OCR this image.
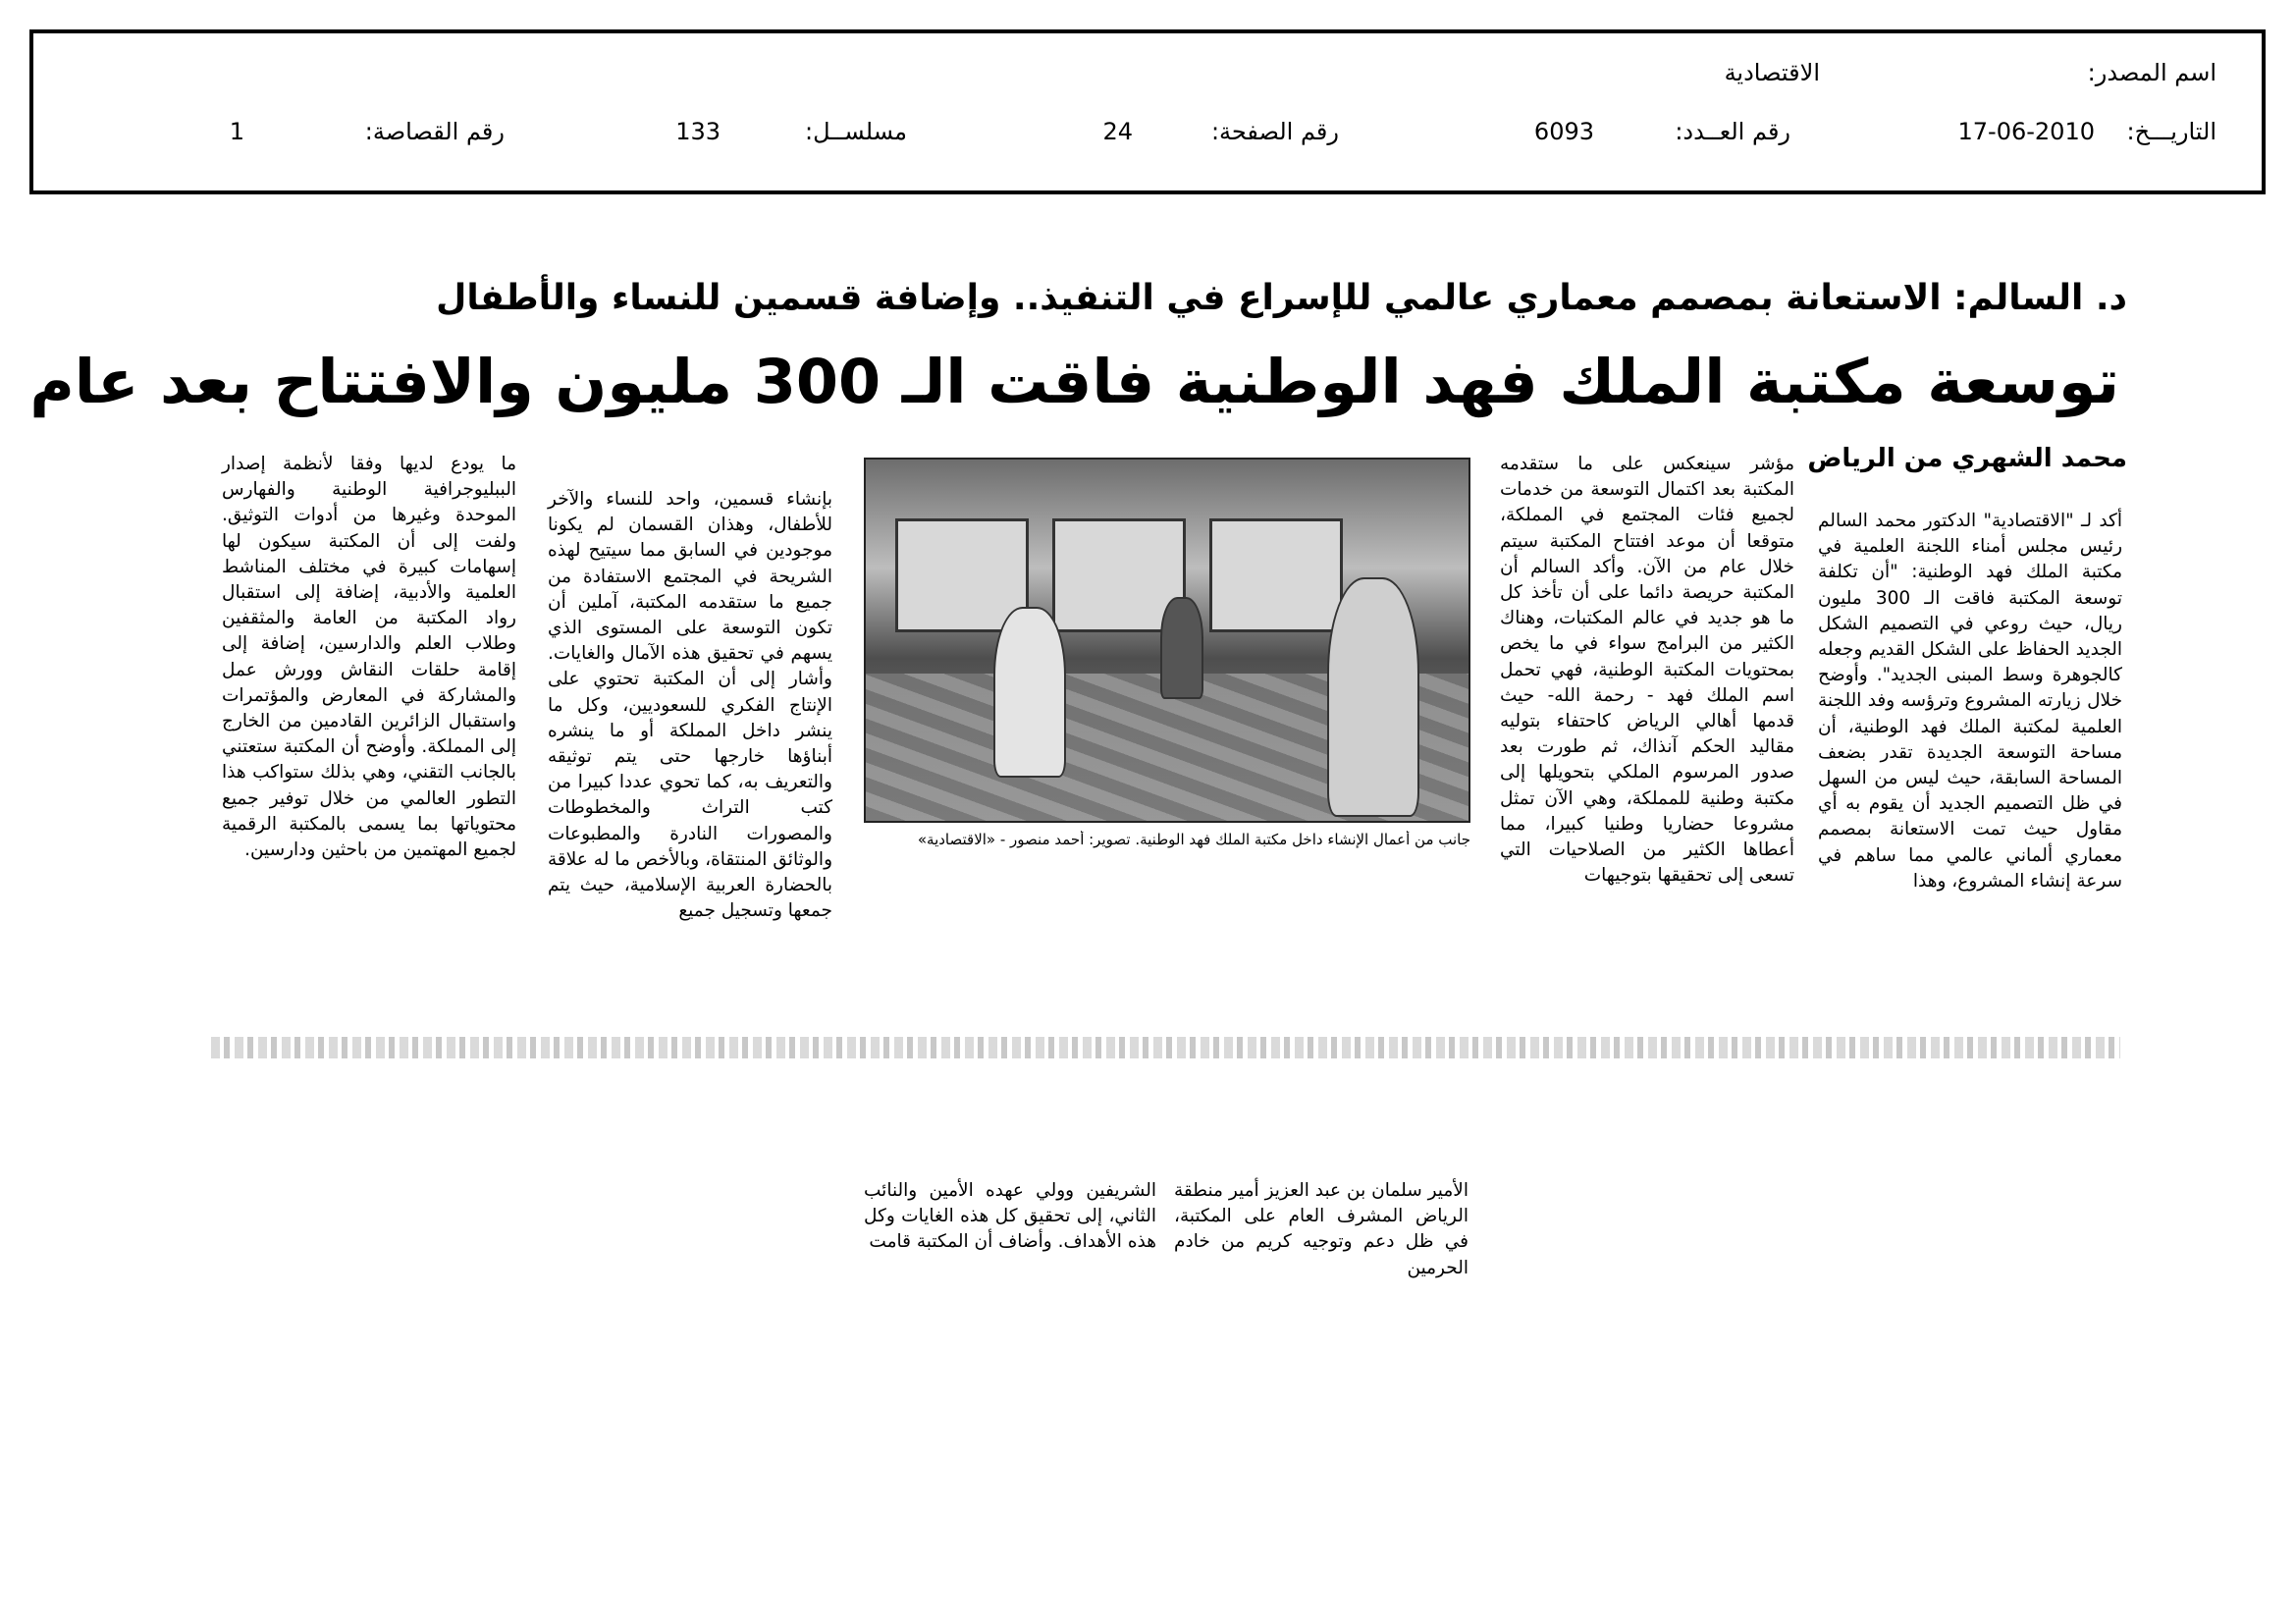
اسم المصدر:
الاقتصادية
التاريـــخ:
17-06-2010
رقم العــدد:
6093
رقم الصفحة:
24
مسلســل:
133
رقم القصاصة:
1
د. السالم: الاستعانة بمصمم معماري عالمي للإسراع في التنفيذ.. وإضافة قسمين للنساء والأطفال
توسعة مكتبة الملك فهد الوطنية فاقت الـ 300 مليون والافتتاح بعد عام
محمد الشهري من الرياض

أكد لـ "الاقتصادية" الدكتور محمد السالم رئيس مجلس أمناء اللجنة العلمية في مكتبة الملك فهد الوطنية: "أن تكلفة توسعة المكتبة فاقت الـ 300 مليون ريال، حيث روعي في التصميم الشكل الجديد الحفاظ على الشكل القديم وجعله كالجوهرة وسط المبنى الجديد". وأوضح خلال زيارته المشروع وترؤسه وفد اللجنة العلمية لمكتبة الملك فهد الوطنية، أن مساحة التوسعة الجديدة تقدر بضعف المساحة السابقة، حيث ليس من السهل في ظل التصميم الجديد أن يقوم به أي مقاول حيث تمت الاستعانة بمصمم معماري ألماني عالمي مما ساهم في سرعة إنشاء المشروع، وهذا

مؤشر سينعكس على ما ستقدمه المكتبة بعد اكتمال التوسعة من خدمات لجميع فئات المجتمع في المملكة، متوقعا أن موعد افتتاح المكتبة سيتم خلال عام من الآن. وأكد السالم أن المكتبة حريصة دائما على أن تأخذ كل ما هو جديد في عالم المكتبات، وهناك الكثير من البرامج سواء في ما يخص بمحتويات المكتبة الوطنية، فهي تحمل اسم الملك فهد - رحمة الله- حيث قدمها أهالي الرياض كاحتفاء بتوليه مقاليد الحكم آنذاك، ثم طورت بعد صدور المرسوم الملكي بتحويلها إلى مكتبة وطنية للمملكة، وهي الآن تمثل مشروعا حضاريا وطنيا كبيرا، مما أعطاها الكثير من الصلاحيات التي تسعى إلى تحقيقها بتوجيهات

جانب من أعمال الإنشاء داخل مكتبة الملك فهد الوطنية. تصوير: أحمد منصور - «الاقتصادية»

الأمير سلمان بن عبد العزيز أمير منطقة الرياض المشرف العام على المكتبة، في ظل دعم وتوجيه كريم من خادم الحرمين

الشريفين وولي عهده الأمين والنائب الثاني، إلى تحقيق كل هذه الغايات وكل هذه الأهداف. وأضاف أن المكتبة قامت

بإنشاء قسمين، واحد للنساء والآخر للأطفال، وهذان القسمان لم يكونا موجودين في السابق مما سيتيح لهذه الشريحة في المجتمع الاستفادة من جميع ما ستقدمه المكتبة، آملين أن تكون التوسعة على المستوى الذي يسهم في تحقيق هذه الآمال والغايات. وأشار إلى أن المكتبة تحتوي على الإنتاج الفكري للسعوديين، وكل ما ينشر داخل المملكة أو ما ينشره أبناؤها خارجها حتى يتم توثيقه والتعريف به، كما تحوي عددا كبيرا من كتب التراث والمخطوطات والمصورات النادرة والمطبوعات والوثائق المنتقاة، وبالأخص ما له علاقة بالحضارة العربية الإسلامية، حيث يتم جمعها وتسجيل جميع

ما يودع لديها وفقا لأنظمة إصدار الببليوجرافية الوطنية والفهارس الموحدة وغيرها من أدوات التوثيق. ولفت إلى أن المكتبة سيكون لها إسهامات كبيرة في مختلف المناشط العلمية والأدبية، إضافة إلى استقبال رواد المكتبة من العامة والمثقفين وطلاب العلم والدارسين، إضافة إلى إقامة حلقات النقاش وورش عمل والمشاركة في المعارض والمؤتمرات واستقبال الزائرين القادمين من الخارج إلى المملكة. وأوضح أن المكتبة ستعتني بالجانب التقني، وهي بذلك ستواكب هذا التطور العالمي من خلال توفير جميع محتوياتها بما يسمى بالمكتبة الرقمية لجميع المهتمين من باحثين ودارسين.
